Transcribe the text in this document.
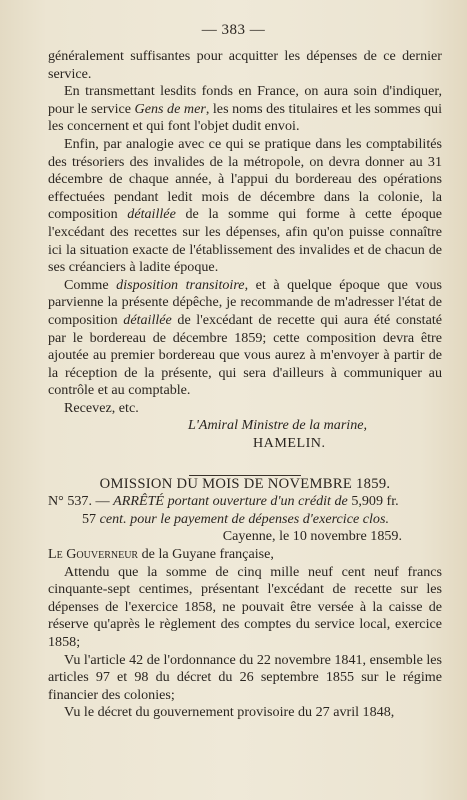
— 383 —

généralement suffisantes pour acquitter les dépenses de ce dernier service.

En transmettant lesdits fonds en France, on aura soin d'indiquer, pour le service Gens de mer, les noms des titulaires et les sommes qui les concernent et qui font l'objet dudit envoi.

Enfin, par analogie avec ce qui se pratique dans les comptabilités des trésoriers des invalides de la métropole, on devra donner au 31 décembre de chaque année, à l'appui du bordereau des opérations effectuées pendant ledit mois de décembre dans la colonie, la composition détaillée de la somme qui forme à cette époque l'excédant des recettes sur les dépenses, afin qu'on puisse connaître ici la situation exacte de l'établissement des invalides et de chacun de ses créanciers à ladite époque.

Comme disposition transitoire, et à quelque époque que vous parvienne la présente dépêche, je recommande de m'adresser l'état de composition détaillée de l'excédant de recette qui aura été constaté par le bordereau de décembre 1859; cette composition devra être ajoutée au premier bordereau que vous aurez à m'envoyer à partir de la réception de la présente, qui sera d'ailleurs à communiquer au contrôle et au comptable.

Recevez, etc.

L'Amiral Ministre de la marine,

HAMELIN.

OMISSION DU MOIS DE NOVEMBRE 1859.

N° 537. — ARRÊTÉ portant ouverture d'un crédit de 5,909 fr.
57 cent. pour le payement de dépenses d'exercice clos.

Cayenne, le 10 novembre 1859.

Le Gouverneur de la Guyane française,

Attendu que la somme de cinq mille neuf cent neuf francs cinquante-sept centimes, présentant l'excédant de recette sur les dépenses de l'exercice 1858, ne pouvait être versée à la caisse de réserve qu'après le règlement des comptes du service local, exercice 1858;

Vu l'article 42 de l'ordonnance du 22 novembre 1841, ensemble les articles 97 et 98 du décret du 26 septembre 1855 sur le régime financier des colonies;

Vu le décret du gouvernement provisoire du 27 avril 1848,
